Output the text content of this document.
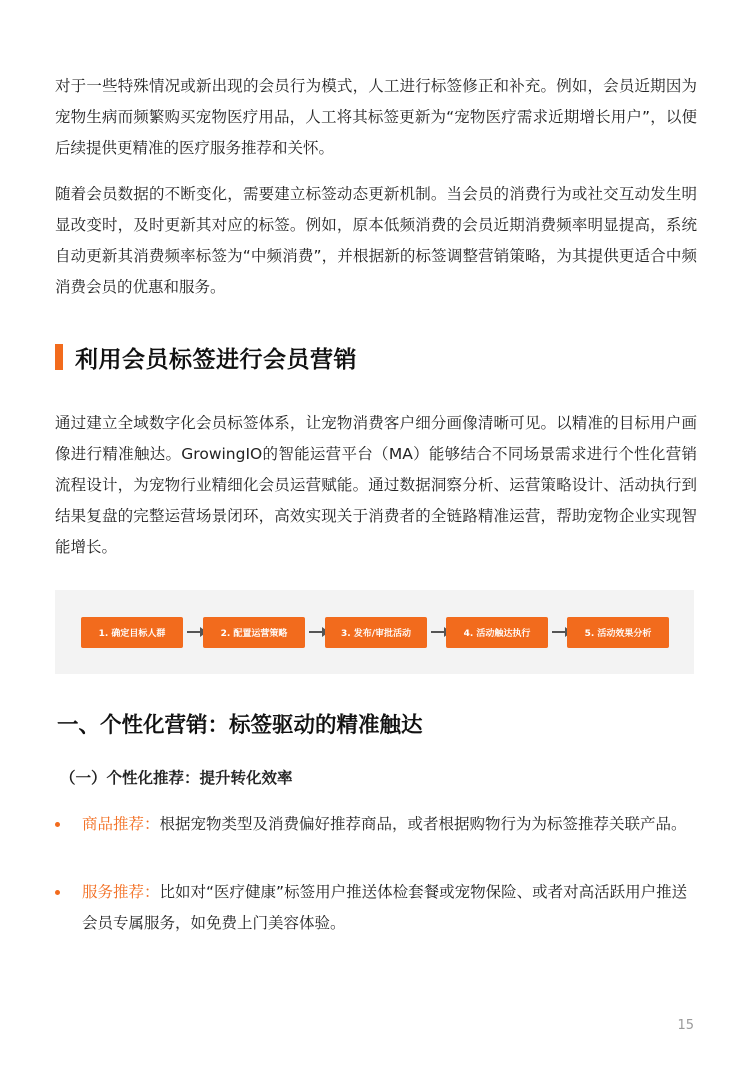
对于一些特殊情况或新出现的会员行为模式，人工进行标签修正和补充。例如，会员近期因为宠物生病而频繁购买宠物医疗用品，人工将其标签更新为“宠物医疗需求近期增长用户”，以便后续提供更精准的医疗服务推荐和关怀。

随着会员数据的不断变化，需要建立标签动态更新机制。当会员的消费行为或社交互动发生明显改变时，及时更新其对应的标签。例如，原本低频消费的会员近期消费频率明显提高，系统自动更新其消费频率标签为“中频消费”，并根据新的标签调整营销策略，为其提供更适合中频消费会员的优惠和服务。

利用会员标签进行会员营销

通过建立全域数字化会员标签体系，让宠物消费客户细分画像清晰可见。以精准的目标用户画像进行精准触达。GrowingIO的智能运营平台（MA）能够结合不同场景需求进行个性化营销流程设计，为宠物行业精细化会员运营赋能。通过数据洞察分析、运营策略设计、活动执行到结果复盘的完整运营场景闭环，高效实现关于消费者的全链路精准运营，帮助宠物企业实现智能增长。

1. 确定目标人群	2. 配置运营策略	3. 发布/审批活动	4. 活动触达执行	5. 活动效果分析
一、个性化营销：标签驱动的精准触达
（一）个性化推荐：提升转化效率
商品推荐：根据宠物类型及消费偏好推荐商品，或者根据购物行为为标签推荐关联产品。
服务推荐：比如对“医疗健康”标签用户推送体检套餐或宠物保险、或者对高活跃用户推送会员专属服务，如免费上门美容体验。
15
